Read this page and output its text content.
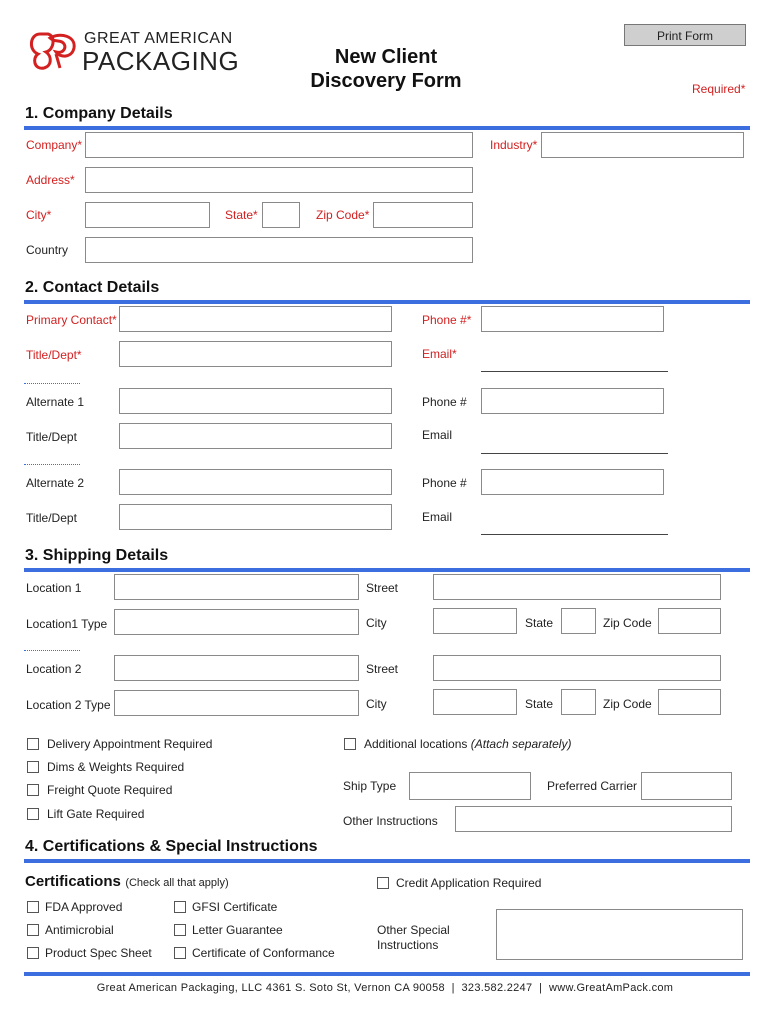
GREAT AMERICAN
PACKAGING	New Client
Discovery Form
Print Form
Required*
1. Company Details
Company*	Industry*
Address*
City*	State*	Zip Code*
Country
2. Contact Details
Primary Contact*	Phone #*
Title/Dept*	Email*
Alternate 1	Phone #
Title/Dept	Email
Alternate 2	Phone #
Title/Dept	Email
3. Shipping Details
Location 1	Street
Location1 Type	City	State	Zip Code
Location 2	Street
Location 2 Type	City	State	Zip Code
Delivery Appointment Required	Additional locations (Attach separately)
Dims & Weights Required
Freight Quote Required	Ship Type	Preferred Carrier
Lift Gate Required	Other Instructions
4. Certifications & Special Instructions
Certifications (Check all that apply)	Credit Application Required
FDA Approved	GFSI Certificate
Antimicrobial	Letter Guarantee
Product Spec Sheet	Certificate of Conformance
Other Special
Instructions
Great American Packaging, LLC 4361 S. Soto St, Vernon CA 90058  |  323.582.2247  |  www.GreatAmPack.com
